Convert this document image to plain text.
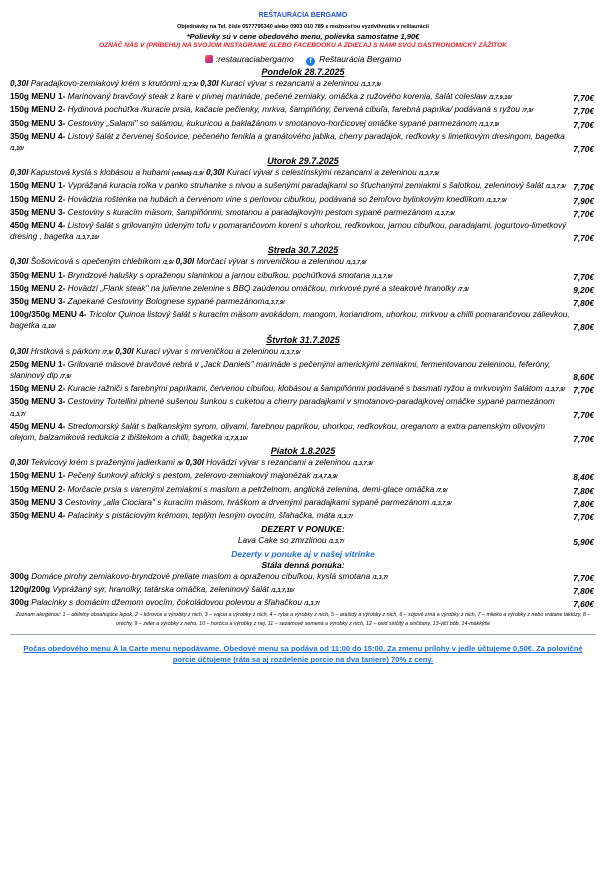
REŠTAURÁCIA BERGAMO
Objednávky na Tel. čísle 0577795340 alebo 0903 010 789 s možnosťou vyzdvihnutia v reštaurácii
*Polievky sú v cene obedového menu, polievka samostatne 1,90€
OZNAČ NÁS V (PRÍBEHU) NA SVOJOM INSTAGRAME ALEBO FACEBOOKU A ZDIEĽAJ S NAMI SVOJ GASTRONOMICKÝ ZÁŽITOK
:restauraciabergamo f Reštaurácia Bergamo
Pondelok 28.7.2025
0,30l Paradajkovo-zemiakový krém s krutónmi /1,7,9/ 0,30l Kurací vývar s rezancami a zeleninou /1,3,7,9/
150g MENU 1- Marinovaný bravčový steak z kare v pivnej marináde, pečené zemiaky, omáčka z ružového korenia, šalát coleslaw /3,7,9,10/	7,70€
150g MENU 2- Hydinová pochúťka /kuracie prsia, kačacie pečienky, mrkva, šampiňóny, červená cibuľa, farebná paprika/ podávaná s ryžou /7,9/	7,70€
350g MENU 3- Cestoviny „Salami" so salámou, kukuricou a baklažánom v smotanovo-horčicovej omáčke sypané parmezánom /1,3,7,9/	7,70€
350g MENU 4- Listový šalát z červenej šošovice, pečeného fenikla a granátového jablka, cherry paradajok, reďkovky s limetkovým dresingom, bagetka /1,10/	7,70€
Utorok 29.7.2025
0,30l Kapustová kyslá s klobásou a hubami (chlieb) /1,9/ 0,30l Kurací vývar s celestínskými rezancami a zeleninou /1,3,7,9/
150g MENU 1- Vyprážaná kuracia rolka v panko struhanke s nivou a sušenými paradajkami so šťuchanými zemiakmi s šalotkou, zeleninový šalát /1,3,7,9/ 7,70€
150g MENU 2- Hovädzia roštenka na hubách a červenom víne s perlovou cibuľkou, podávaná so žemľovo bylinkovým knedlíkom /1,3,7,9/	7,90€
350g MENU 3- Cestoviny s kuracím mäsom, šampiňónmi, smotanou a paradajkovým pestom sypané parmezánom /1,3,7,9/	7,70€
450g MENU 4- Listový šalát s grilovaným údeným tofu v pomarančovom korení s uhorkou, reďkovkou, jarnou cibuľkou, paradajami, jogurtovo-limetkový dresing , bagetka /1,3,7,10/	7,70€
Streda 30.7.2025
0,30l Šošovicová s opečeným chlebíkom /1,9/ 0,30l Morčací vývar s mrveničkou a zeleninou /1,3,7,9/
350g MENU 1- Bryndzové halušky s opraženou slaninkou a jarnou cibuľkou, pochúťková smotana /1,3,7,9/	7,70€
150g MENU 2- Hovädzí „Flank steak" na julienne zelenine s BBQ zaúdenou omáčkou, mrkvové pyré a steakové hranolky /7,9/	9,20€
350g MENU 3- Zapekané Cestoviny Bolognese sypané parmezánom/1,3,7,9/	7,80€
100g/350g MENU 4- Tricolor Quinoa listový šalát s kuracím mäsom avokádom, mangom, koriandrom, uhorkou, mrkvou a chilli pomarančovou zálievkou, bagetka /1,10/	7,80€
Štvrtok 31.7.2025
0,30l Hrstková s párkom /7,9/ 0,30l Kurací vývar s mrveničkou a zeleninou /1,3,7,9/
250g MENU 1- Grilované mäsové bravčové rebrá v „Jack Daniels" marináde s pečenými americkými zemiakmi, fermentovanou zeleninou, feferóny, slaninový dip /7,9/	8,60€
150g MENU 2- Kuracie ražniči s farebnými paprikami, červenou cibuľou, klobásou a šampiňónmi podávané s basmati ryžou a mrkvovým šalátom /1,3,7,9/ 7,70€
350g MENU 3- Cestoviny Tortellini plnené sušenou šunkou s cuketou a cherry paradajkami v smotanovo-paradajkovej omáčke sypané parmezánom /1,3,7/	7,70€
450g MENU 4- Stredomorský šalát s balkanským syrom, olivami, farebnou paprikou, uhorkou, reďkovkou, oreganom a extra panenským olivovým olejom, balzamiková redukcia z ibištekom a chilli, bagetka /1,7,8,10/	7,70€
Piatok 1.8.2025
0,30l Tekvicový krém s praženými jadierkami /9/ 0,30l Hovädzí vývar s rezancami a zeleninou /1,3,7,9/
150g MENU 1- Pečený šunkový africký s pestom, zelerovo-zemiakový majonézak /3,4,7,8,9/	8,40€
150g MENU 2- Morčacie prsia s varenými zemiakmi s maslom a petrželnom, anglická zelenina, demi-glace omáčka /7,9/	7,80€
350g MENU 3 Cestoviny „alla Ciociara" s kuracím mäsom, hráškom a drvenými paradajkami sypané parmezánom /1,3,7,9/	7,80€
350g MENU 4- Palacinky s pistáciovým krémom, teplým lesným ovocím, šľahačka, máta /1,3,7/	7,70€
DEZERT V PONUKE:
Lava Cake so zmrzlinou /1,3,7/	5,90€
Dezerty v ponuke aj v našej vitrínke
Stála denná ponuka:
300g Domáce pirohy zemiakovo-bryndzové preliate maslom a opraženou cibuľkou, kyslá smotana /1,3,7/	7,70€
120g/200g Vyprážaný syr, hranolky, tatárska omáčka, zeleninový šalát /1,3,7,10/	7,80€
300g Palacinky s domácim džemom ovocím, čokoládovou polevou a šľahačkou /1,3,7/	7,60€
Zoznam alergénov: 1 – obilniny obsahujúce lepok, 2 – kôrovce a výrobky z nich, 3 – vajcia a výrobky z nich, 4 – ryba a výrobky z nich, 5 – arašidy a výrobky z nich, 6 – sójové zrná a výrobky z nich, 7 – mlieko a výrobky z nebo vrátane laktózy, 8 – orechy, 9 – zeler a výrobky z neho, 10 – horčica a výrobky z nej, 11 – sezamové semená a výrobky z nich, 12 – oxid siričitý a siričitany, 13-vlčí bôb, 14-mäkkýše
Počas obedového menu À la Carte menu nepodávame. Obedové menu sa podáva od 11:00 do 15:00. Za zmenu prílohy v jedle účtujeme 0,50€. Za polovičné porcie účtujeme (ráta sa aj rozdelenie porcie na dva taniere) 70% z ceny.
